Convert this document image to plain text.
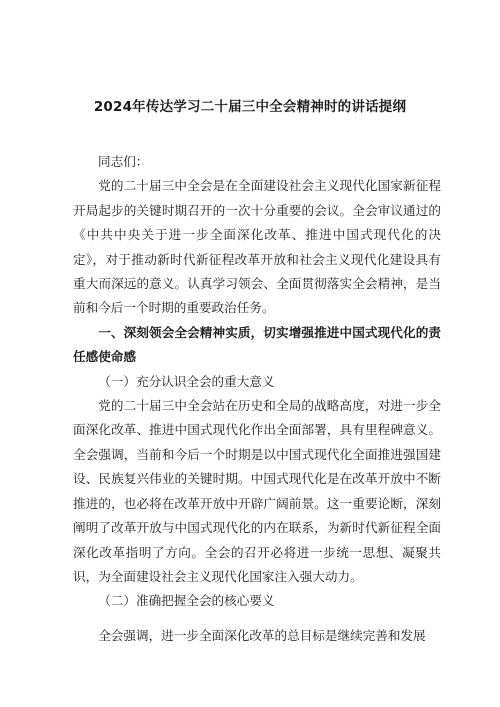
2024年传达学习二十届三中全会精神时的讲话提纲

同志们：

党的二十届三中全会是在全面建设社会主义现代化国家新征程开局起步的关键时期召开的一次十分重要的会议。全会审议通过的《中共中央关于进一步全面深化改革、推进中国式现代化的决定》，对于推动新时代新征程改革开放和社会主义现代化建设具有重大而深远的意义。认真学习领会、全面贯彻落实全会精神，是当前和今后一个时期的重要政治任务。

一、深刻领会全会精神实质，切实增强推进中国式现代化的责任感使命感

（一）充分认识全会的重大意义

党的二十届三中全会站在历史和全局的战略高度，对进一步全面深化改革、推进中国式现代化作出全面部署，具有里程碑意义。全会强调，当前和今后一个时期是以中国式现代化全面推进强国建设、民族复兴伟业的关键时期。中国式现代化是在改革开放中不断推进的，也必将在改革开放中开辟广阔前景。这一重要论断，深刻阐明了改革开放与中国式现代化的内在联系，为新时代新征程全面深化改革指明了方向。全会的召开必将进一步统一思想、凝聚共识，为全面建设社会主义现代化国家注入强大动力。

（二）准确把握全会的核心要义

全会强调，进一步全面深化改革的总目标是继续完善和发展
